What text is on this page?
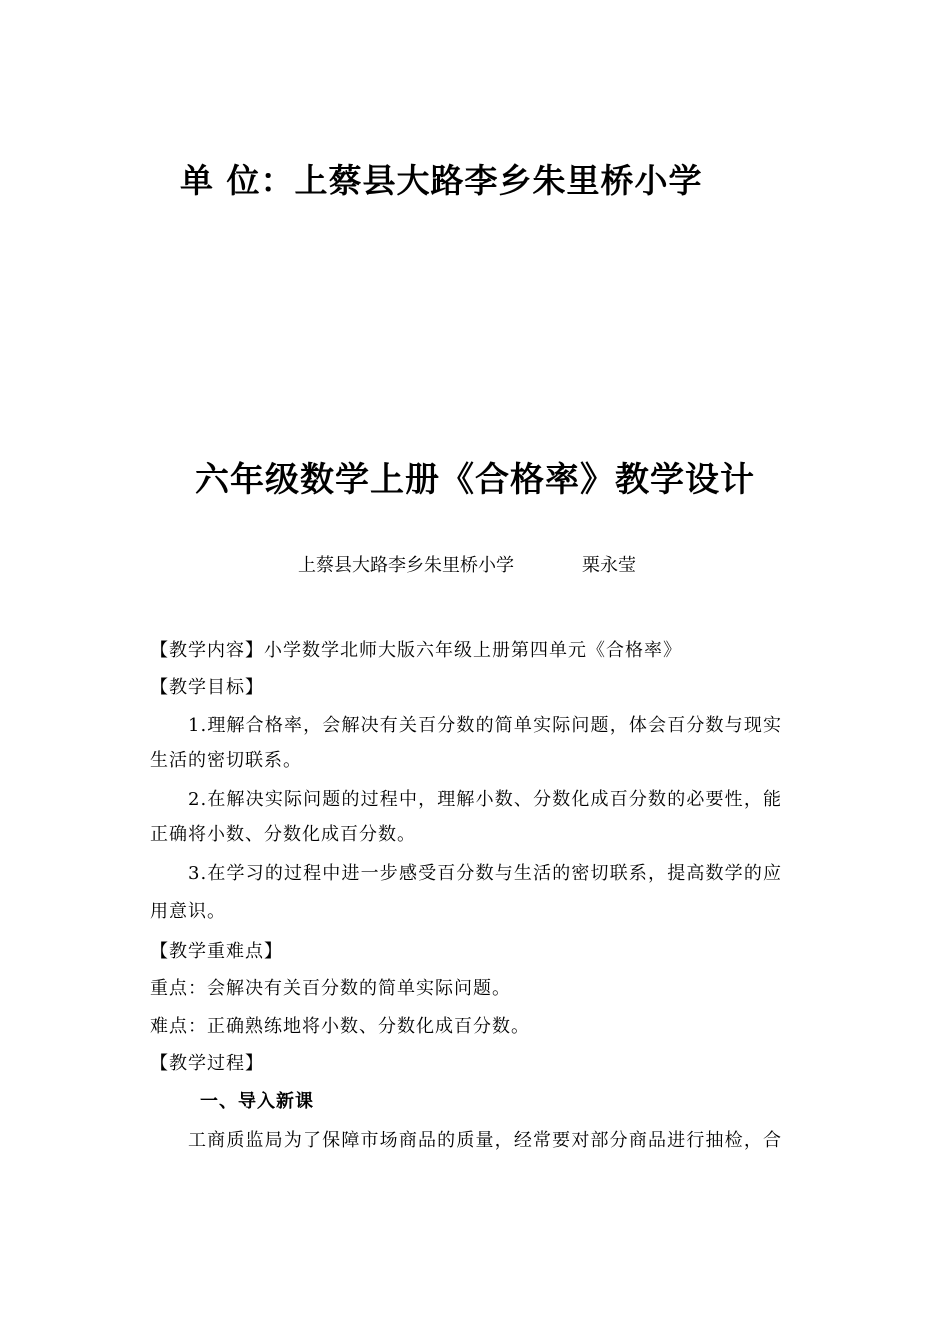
单 位：上蔡县大路李乡朱里桥小学
六年级数学上册《合格率》教学设计
上蔡县大路李乡朱里桥小学	栗永莹
【教学内容】小学数学北师大版六年级上册第四单元《合格率》
【教学目标】
1.理解合格率，会解决有关百分数的简单实际问题，体会百分数与现实
生活的密切联系。
2.在解决实际问题的过程中，理解小数、分数化成百分数的必要性，能
正确将小数、分数化成百分数。
3.在学习的过程中进一步感受百分数与生活的密切联系，提高数学的应
用意识。
【教学重难点】
重点：会解决有关百分数的简单实际问题。
难点：正确熟练地将小数、分数化成百分数。
【教学过程】
一、导入新课
工商质监局为了保障市场商品的质量，经常要对部分商品进行抽检，合
